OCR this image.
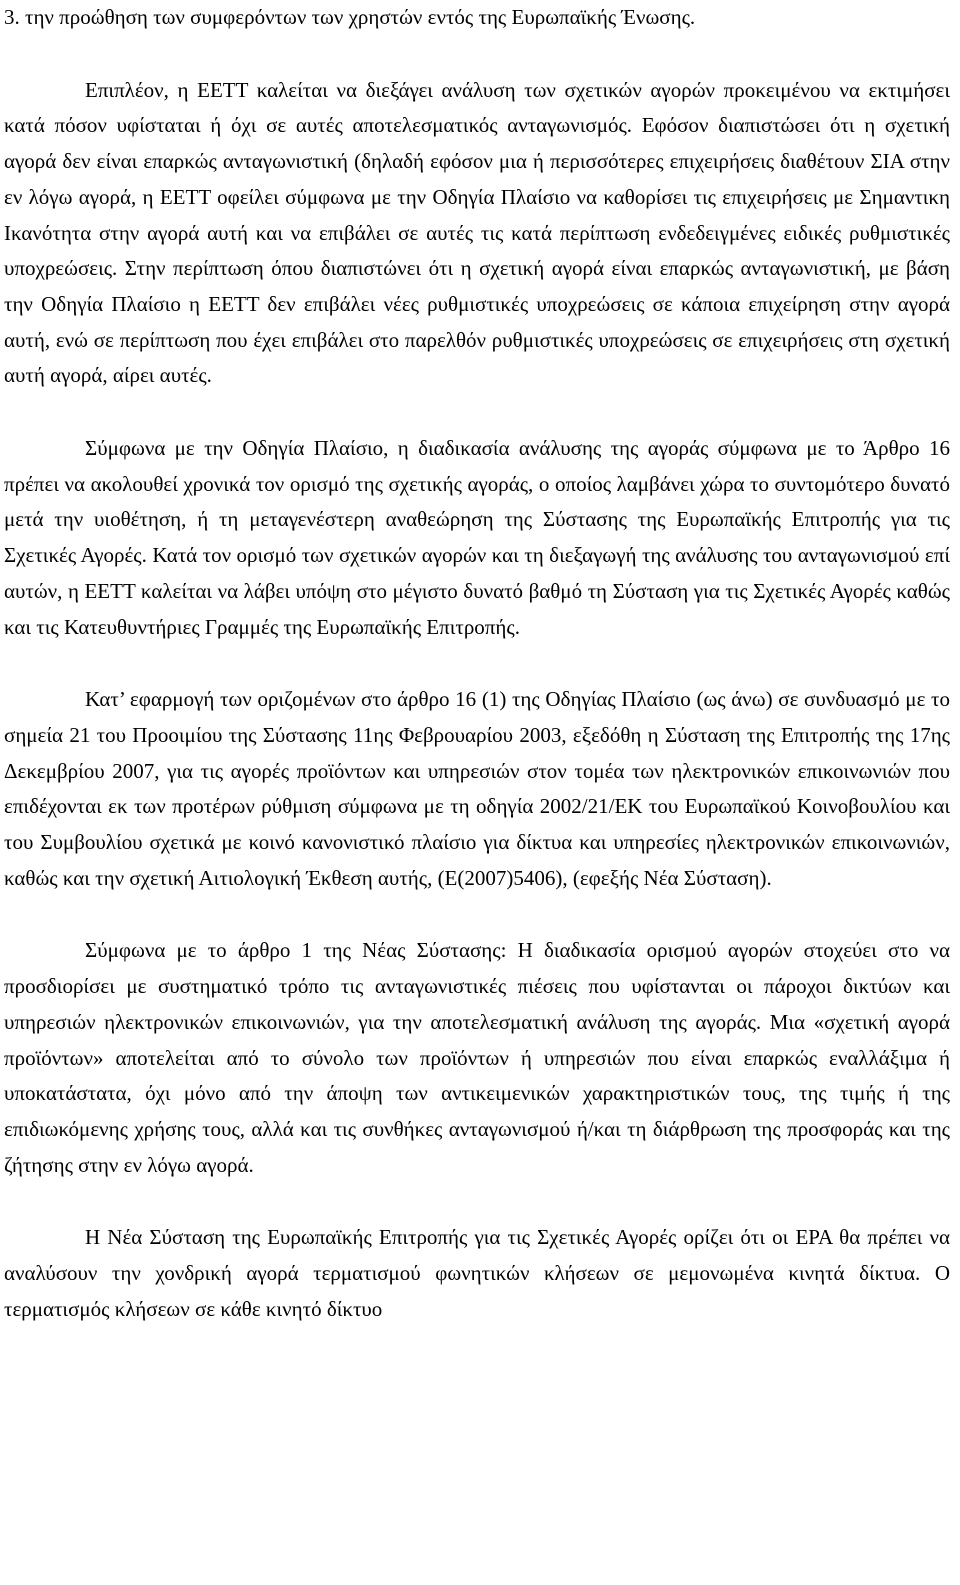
3. την προώθηση των συμφερόντων των χρηστών εντός της Ευρωπαϊκής Ένωσης.

Επιπλέον, η ΕΕΤΤ καλείται να διεξάγει ανάλυση των σχετικών αγορών προκειμένου να εκτιμήσει κατά πόσον υφίσταται ή όχι σε αυτές αποτελεσματικός ανταγωνισμός. Εφόσον διαπιστώσει ότι η σχετική αγορά δεν είναι επαρκώς ανταγωνιστική (δηλαδή εφόσον μια ή περισσότερες επιχειρήσεις διαθέτουν ΣΙΑ στην εν λόγω αγορά, η ΕΕΤΤ οφείλει σύμφωνα με την Οδηγία Πλαίσιο να καθορίσει τις επιχειρήσεις με Σημαντικη Ικανότητα στην αγορά αυτή και να επιβάλει σε αυτές τις κατά περίπτωση ενδεδειγμένες ειδικές ρυθμιστικές υποχρεώσεις. Στην περίπτωση όπου διαπιστώνει ότι η σχετική αγορά είναι επαρκώς ανταγωνιστική, με βάση την Οδηγία Πλαίσιο η ΕΕΤΤ δεν επιβάλει νέες ρυθμιστικές υποχρεώσεις σε κάποια επιχείρηση στην αγορά αυτή, ενώ σε περίπτωση που έχει επιβάλει στο παρελθόν ρυθμιστικές υποχρεώσεις σε επιχειρήσεις στη σχετική αυτή αγορά, αίρει αυτές.

Σύμφωνα με την Οδηγία Πλαίσιο, η διαδικασία ανάλυσης της αγοράς σύμφωνα με το Άρθρο 16 πρέπει να ακολουθεί χρονικά τον ορισμό της σχετικής αγοράς, ο οποίος λαμβάνει χώρα το συντομότερο δυνατό μετά την υιοθέτηση, ή τη μεταγενέστερη αναθεώρηση της Σύστασης της Ευρωπαϊκής Επιτροπής για τις Σχετικές Αγορές. Κατά τον ορισμό των σχετικών αγορών και τη διεξαγωγή της ανάλυσης του ανταγωνισμού επί αυτών, η ΕΕΤΤ καλείται να λάβει υπόψη στο μέγιστο δυνατό βαθμό τη Σύσταση για τις Σχετικές Αγορές καθώς και τις Κατευθυντήριες Γραμμές της Ευρωπαϊκής Επιτροπής.

Κατ’ εφαρμογή των οριζομένων στο άρθρο 16 (1) της Οδηγίας Πλαίσιο (ως άνω) σε συνδυασμό με το σημεία 21 του Προοιμίου της Σύστασης 11ης Φεβρουαρίου 2003, εξεδόθη η Σύσταση της Επιτροπής της 17ης Δεκεμβρίου 2007, για τις αγορές προϊόντων και υπηρεσιών στον τομέα των ηλεκτρονικών επικοινωνιών που επιδέχονται εκ των προτέρων ρύθμιση σύμφωνα με τη οδηγία 2002/21/ΕΚ του Ευρωπαϊκού Κοινοβουλίου και του Συμβουλίου σχετικά με κοινό κανονιστικό πλαίσιο για δίκτυα και υπηρεσίες ηλεκτρονικών επικοινωνιών, καθώς και την σχετική Αιτιολογική Έκθεση αυτής, (Ε(2007)5406), (εφεξής Νέα Σύσταση).

Σύμφωνα με το άρθρο 1 της Νέας Σύστασης: Η διαδικασία ορισμού αγορών στοχεύει στο να προσδιορίσει με συστηματικό τρόπο τις ανταγωνιστικές πιέσεις που υφίστανται οι πάροχοι δικτύων και υπηρεσιών ηλεκτρονικών επικοινωνιών, για την αποτελεσματική ανάλυση της αγοράς. Μια «σχετική αγορά προϊόντων» αποτελείται από το σύνολο των προϊόντων ή υπηρεσιών που είναι επαρκώς εναλλάξιμα ή υποκατάστατα, όχι μόνο από την άποψη των αντικειμενικών χαρακτηριστικών τους, της τιμής ή της επιδιωκόμενης χρήσης τους, αλλά και τις συνθήκες ανταγωνισμού ή/και τη διάρθρωση της προσφοράς και της ζήτησης στην εν λόγω αγορά.

Η Νέα Σύσταση της Ευρωπαϊκής Επιτροπής για τις Σχετικές Αγορές ορίζει ότι οι ΕΡΑ θα πρέπει να αναλύσουν την χονδρική αγορά τερματισμού φωνητικών κλήσεων σε μεμονωμένα κινητά δίκτυα. Ο τερματισμός κλήσεων σε κάθε κινητό δίκτυο
